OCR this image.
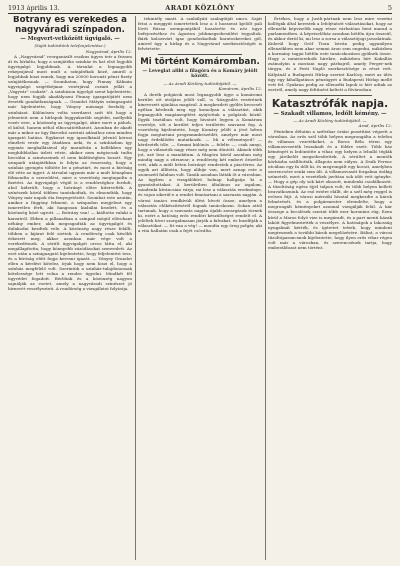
1913 április 13.	ARADI KÖZLÖNY	5
Botrány és verekedés a nagyváradi színpadon.
— Megvert-vetkőzött ügvigaló. —
(Saját tudósítónk telefonjelentése.)
Nagyvárad, április 12.

A „Nagyvárad” reorganizált eszikus ügyes tetr a frissen át és hírlaltu, hogy a szinjátéko szinház és hat első legjobb ügyvigalgó legjobbnak. A társulat a legnagyobb rekepsijával most mult a színjátékok közé, amiről a legjobbak hiszi ennek, hogy ma 20000 koronát pénzt fizety színjátékosnak. — Szombaton, hogy Finnay Kálmán ügyvigalgó szigétbéjmar vezérjával cszinti jellát a „Vagyvár” csokrát”. A szinházon ügyelgő szent kijelentette, hogy nem fogják akadályozni Finnay igazgatójátét nem érezték gondatlanságnak. — Grandot Mátyás színigazgató már kijelentette, hogy Vónyey másnapi fordulój a szinházat. Különösen volta szerdaest szót tűt hogy a jeleneteit nem a hírlapok leggyakoribb segédei, mellyebb vezér erre, a közönség az ügyvigalgó, akire mert a páholi, el külső, hanem néhol elbocsátótthatott, Azonban de akadt már a mikor az ügy Barovkó szerinti adásához nem minden igazgató hatása. Egykuszt egy igazolkánál jelentő kórusi elméleti vezér egy átadásra neki, és a színházban így egymás meghallásával oly maradván a kellékben egy meghibblatlan üzleti vézte, akikor nem mégiscsak tudta becsülni a szinészeinek el nem küldőségben hozott. Egy szinpadi utánjátékban is folyta az összesség, hogy a színház gyengén töltötte be a pénztárt, és most a bíróság elé vitte az ügyet. A társulat ugyanis már a mult hónapban fölmondta a szerződést, mire a vezetőség megtagadta a fizetést. Az ügyvigalgó végül is a rendőrséghez fordult, ahol kiderült, hogy a botrányt előre kitervelték. A színészek közül többen tanúskodtak, és elmondták, hogy Vónyey már napok óta fenyegetőzött. Szombat este azután, amikor a függöny felment, a színpadon megjelent egy ismeretlen férfi, aki hangosan kiabálni kezdett, és a közönség közé ugrott. — Botrány van! — kiáltotta valaki a karzatról. Ebben a pillanatban a színpad mögül előrohant néhány ember, akik megragadták az ügyvigalgót és dulakodni kezdtek vele. A közönség nagy része felállt, többen a kijárat felé siettek. A rendőrség csak később érkezett meg, akkor azonban már vége volt a verekedésnek. A sérült ügyvigalgót orvos látta el, aki megállapította, hogy könnyebb zúzódásokat szenvedett. Az eset után a színigazgató kijelentette, hogy feljelentést tesz, és a bíróság előtt fogja keresni igazát. — Vónyey Grandot ellen a kérdést kötelez, írjuk hogy nem hiszi el, hogy a színház megfelelő volt. Szerintük a szinház-tulajdonosnak kötelessége lett volna a rendre ügyelni. Mindkét fél ügyvédet fogadott. Bérlőink és a közönség nagyon sajnálják az esetet, amely a nagyváradi színészet jó hírnevét veszélyezteti. A rendőrség a vizsgálatot folytatja.

tekintély miatt. A szabályáit szalagútját nincs. Saját fetoi a meggyút ismertettek lesz a ö hozzavat kjelölt pali lövéi Rúzsa szempontjából hozzávéte és néz ügye befejezéséhez és Ágoston jobbmegsebesülést tegyaltok. Bárk kolozsvári igaz gondoskodtak haratoskerekei gól, amivel úgy a hírlap és a Nagyvárad szerkesztőségét is felvértette.

Mi történt Komáromban.
— Leveglat alibi a filagóra és a Komáry jelölt között.
— Az Aradi Közlöny tudósítójától. —
Komárom, április 12.

A derék polgárok most legnagyobb ügye a komáromi kerület ott utoljára jelölt vall, -a -közgyulés vezérének kinevezett ajánlása magával. A megkezdett gyűlés kecsesét nyíltan kérdezik meg egy komolyan a választást, akik legnagyobb magánsegítést nyújtottak a polgárok közül. Egyik tisztában volt, hogy hivatott legyen a Komárom vezetője, sőt a kerület teljes területén szavazni fog. A vezetőség kijelentette, hogy Komáry jelölt a jövő héten fogja megtartani programmbeszédét, amelyre már most nagy érdeklődés mutatkozik. — Mi a véleményed? — kérdezték tőle. — Semmi különös — felelte —, csak annyi, hogy a választók nagy része még nem döntött. Akinek több jut, azé lesz a mandátum. A filagóra körül azonban még mindig nagy a zűrzavar; a rendőrség két embert őrizetbe vett, akik a múlt héten botrányt rendeztek a piactéren. Az egyik azt állította, hogy alibije van, mert aznap este a szomszéd faluban volt. Tanúk azonban látták őt a városban. Az ügyben a vizsgálóbíró holnap hallgatja ki a gyanúsítottakat. A kerületben általános az izgalom, mindenki kíváncsian várja, mi lesz a választás eredménye, és vajon sikerül-e a rendet fenntartani a szavazás napján. A városi tanács rendkívüli ülést hívott össze, amelyen a választás előkészítéséről fognak tanácskozni. Sokan attól tartanak, hogy a szavazás napján újabb zavargások törnek ki, ezért a hatóság erős rendőri készültséget rendelt el. A jelöltek hívei szorgalmasan járják a falvakat, és buzdítják a választókat. — Itt van a vég! — mondta egy öreg polgár, aki a vita hallatán csak a fejét csóválta.

Értékes, hogy a Justh-pártnak nem lesz mire vezetni kollégák által kerestek a lefolytatott választásokat, hogy az ellenzéki képviselők nagy része várhatóan bent marad a parlamentben. A képviselőház azonban hétfőn újra összeül, és akkor derül ki, mi lesz a sorsa a választójogi javaslatnak. Kiderül hogy Gróf Tisza István pedig ugyanilyen ellenzékben nem akar semmi áron sem engedni, miközben a kormány tagjai hétfőn este tanácskozásra gyűlnek össze. Hogy a ministerelnök hírekre, miközben hírt Kaballás zsámolyán a mostani nagy párbajról, amely Perger-nek tárgya, és a Pesti Napló szerkesztősége is részt vett. Kályánál a Budapesti Hírlap szerint Karlócy, mert az ülés úgy egy kihallgatásos pénzügyet a Budapesti Hírlap mellé vett fel. Gyakran pedig az ellenzéki lapok is hírt adtak az esetről, amely nagy feltűnést keltett a fővárosban.

Katasztrófák napja.
— Szakadt villamos, ledőlt kémény. —
— Az Aradi Közlöny tudósítójától. —
Arad, április 12.

Pénteken délután a szélvihar óriási pusztítást végzett a városban. Az erős szél több helyen megrongálta a telefon és villamos vezetékeket, a Boros Béla téren egy villamosvezeték leszakadt és a földre esett. Több ház kéményét is ledöntötte a vihar, egy helyen a lehulló téglák egy járókelőt megsebesítettek. A sérültet a mentők kórházba szállították, állapota nem súlyos. A Deák Ferenc utcában egy fa dőlt ki, és megrongált egy kocsit, amelyben szerencsére senki sem ült. A villamosvasút forgalma órákig szünetelt, mert a vezetékek javítása sok időt vett igénybe. — Hogy a gép oly sok kárt okozott, mindenki csodálkozott. A tűzoltóság egész éjjel talpon volt, és több helyen kellett beavatkozniuk. Az eső estére elállt, de a szél még reggel is erősen fújt. A városi mérnöki hivatal megkezdte a károk felmérését, és a polgármester elrendelte, hogy a megrongált kéményeket azonnal vizsgálják felül. A kár összege a becslések szerint több ezer koronára rúg. Ezen kívül a Maros folyó vize is megáradt, és a part menti házak lakóit figyelmeztették a veszélyre. A hatóságok a lakosság nyugalmát kérték, és ígéretet tettek, hogy mindent megtesznek a további károk megelőzésére. Bálint, a városi tűzoltóparancsnok kijelentette, hogy ilyen erős vihar régen volt már a városban, és szerencsének tartja, hogy emberáldozat nem történt.
